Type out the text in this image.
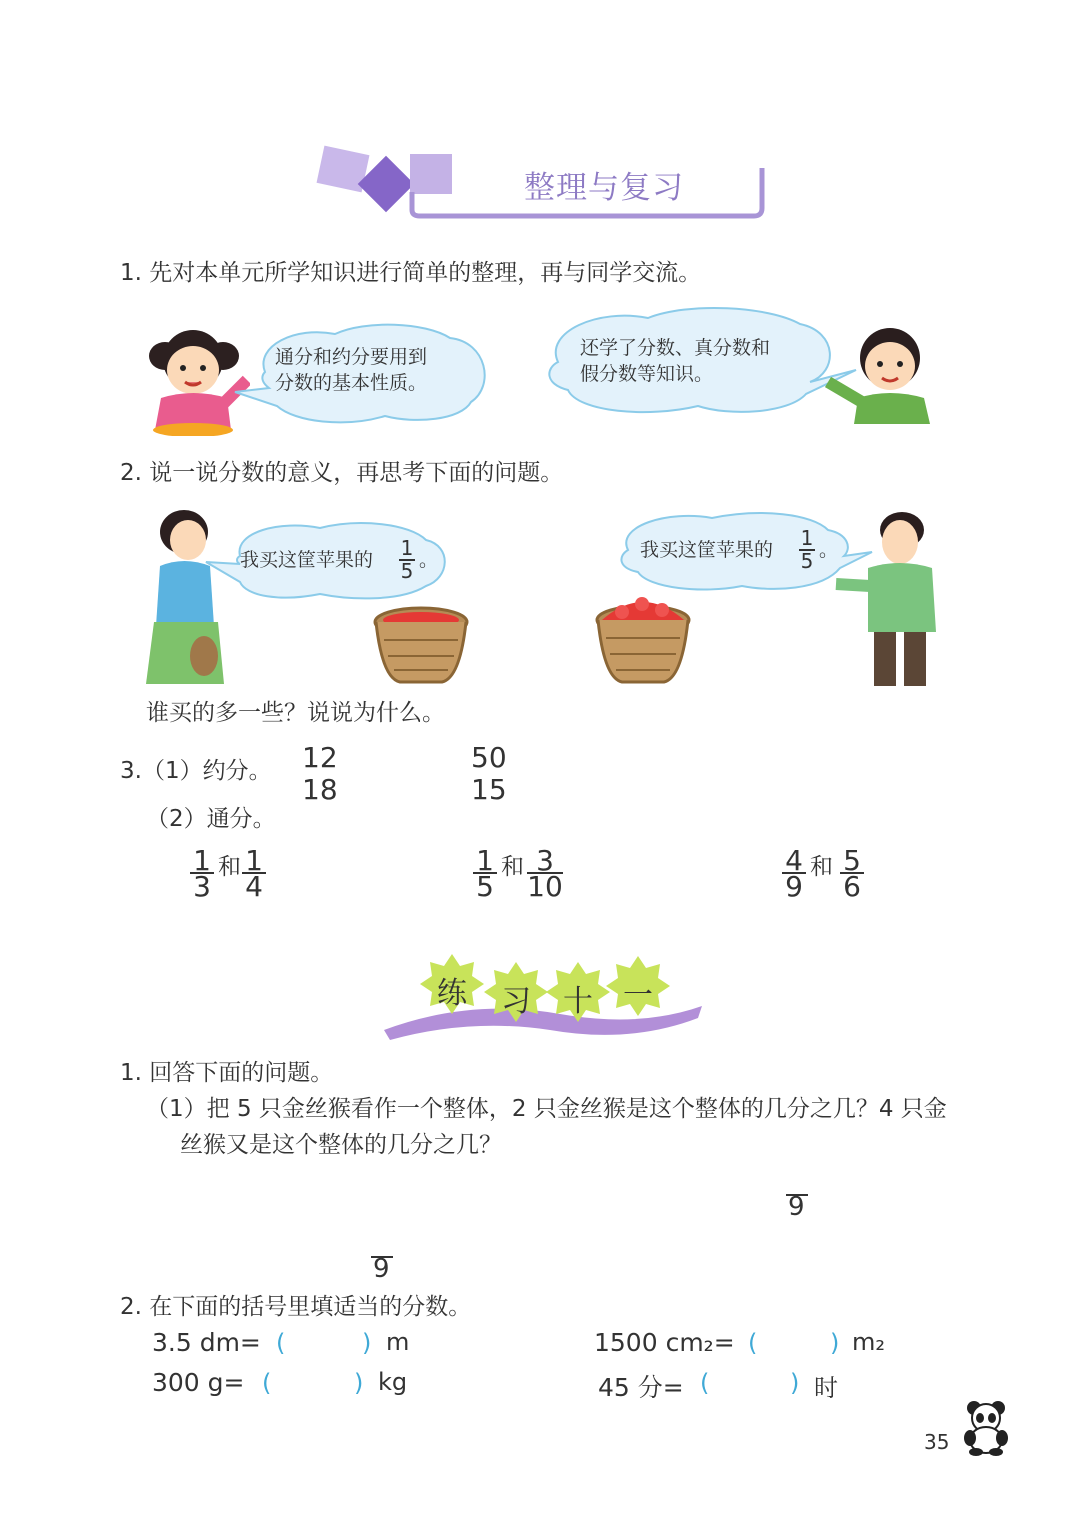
整理与复习
1. 先对本单元所学知识进行简单的整理，再与同学交流。
通分和约分要用到
分数的基本性质。
还学了分数、真分数和
假分数等知识。
2. 说一说分数的意义，再思考下面的问题。
我买这筐苹果的 1
5 。	我买这筐苹果的 1
5 。
谁买的多一些？说说为什么。
3.（1）约分。 12
18
50
15
（2）通分。
1
3
和 1
4
1
5
和 3
10
4
9
和 5
6
练 习 十 一
1. 回答下面的问题。
（1）把 5 只金丝猴看作一个整体，2 只金丝猴是这个整体的几分之几？4 只金
丝猴又是这个整体的几分之几？
9
9
2. 在下面的括号里填适当的分数。
3.5 dm= (	) m	1500 cm₂= (	) m₂
300 g= (	) kg	45 分= (	) 时
35
